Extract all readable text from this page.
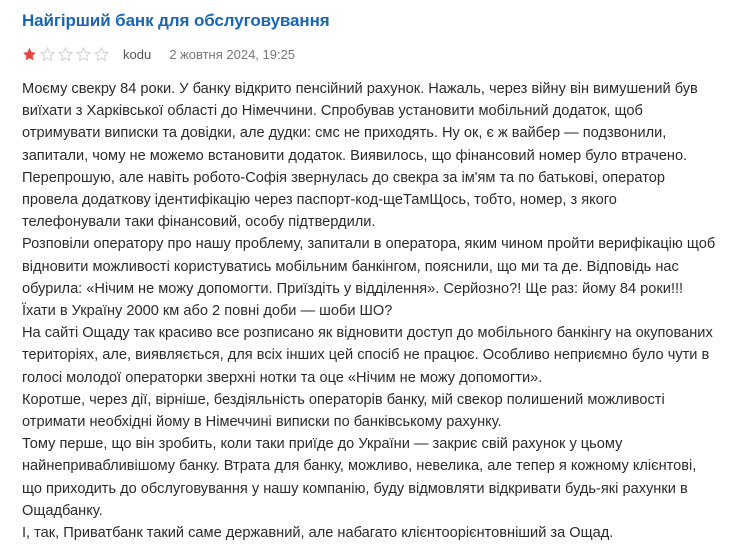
Найгірший банк для обслуговування
kodu 2 жовтня 2024, 19:25

Моєму свекру 84 роки. У банку відкрито пенсійний рахунок. Нажаль, через війну він вимушений був виїхати з Харківської області до Німеччини. Спробував установити мобільний додаток, щоб отримувати виписки та довідки, але дудки: смс не приходять. Ну ок, є ж вайбер — подзвонили, запитали, чому не можемо встановити додаток. Виявилось, що фінансовий номер було втрачено. Перепрошую, але навіть робото-Софія звернулась до свекра за ім'ям та по батькові, оператор провела додаткову ідентифікацію через паспорт-код-щеТамЩось, тобто, номер, з якого телефонували таки фінансовий, особу підтвердили.

Розповіли оператору про нашу проблему, запитали в оператора, яким чином пройти верифікацію щоб відновити можливості користуватись мобільним банкінгом, пояснили, що ми та де. Відповідь нас обурила: «Нічим не можу допомогти. Приїздіть у відділення». Серйозно?! Ще раз: йому 84 роки!!! Їхати в Україну 2000 км або 2 повні доби — шоби ШО?

На сайті Ощаду так красиво все розписано як відновити доступ до мобільного банкінгу на окупованих територіях, але, виявляється, для всіх інших цей спосіб не працює. Особливо неприємно було чути в голосі молодої операторки зверхні нотки та оце «Нічим не можу допомогти».

Коротше, через дії, вірніше, бездіяльність операторів банку, мій свекор полишений можливості отримати необхідні йому в Німеччині виписки по банківському рахунку.

Тому перше, що він зробить, коли таки приїде до України — закриє свій рахунок у цьому найнепривабливішому банку. Втрата для банку, можливо, невелика, але тепер я кожному клієнтові, що приходить до обслуговування у нашу компанію, буду відмовляти відкривати будь-які рахунки в Ощадбанку.

І, так, Приватбанк такий саме державний, але набагато клієнтоорієнтовніший за Ощад.
